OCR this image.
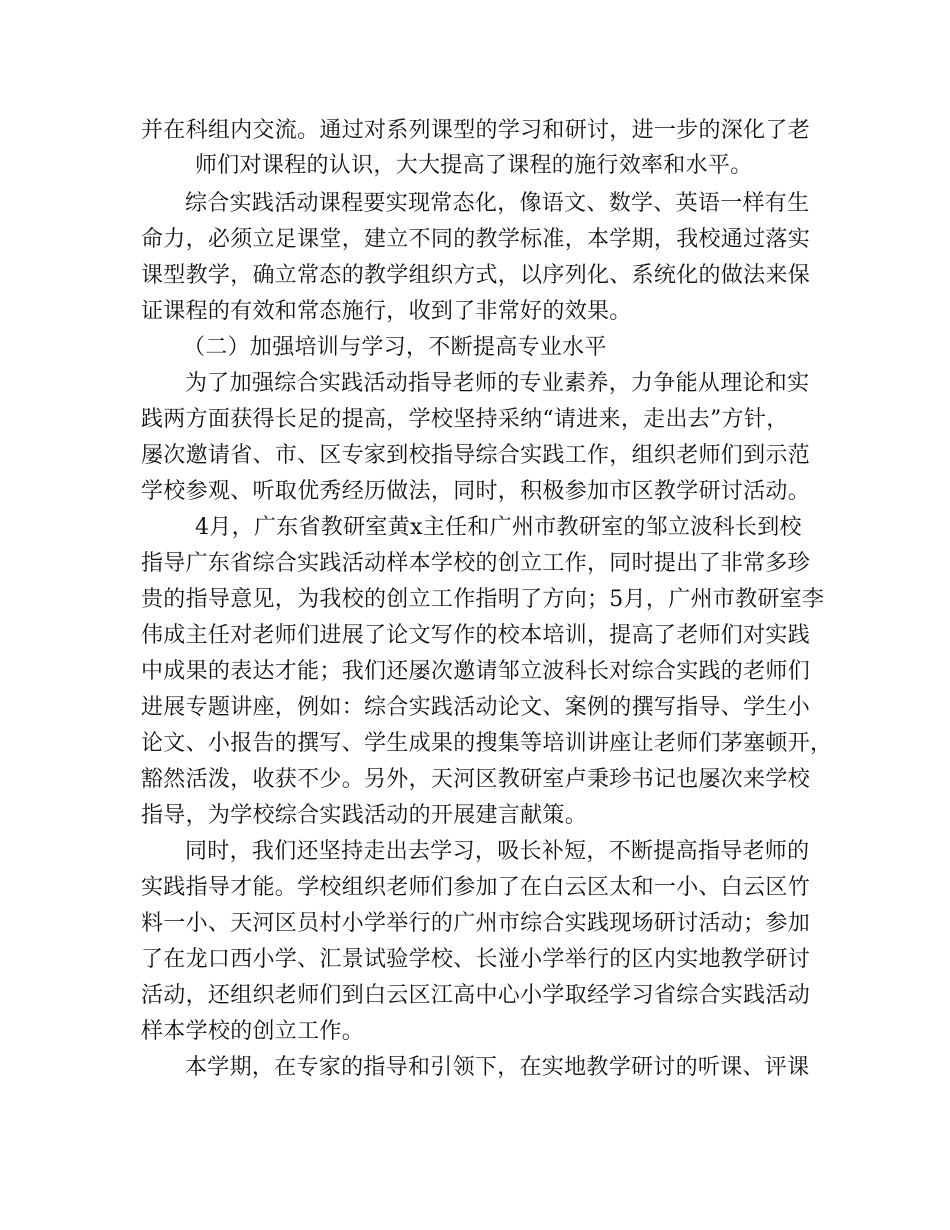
并在科组内交流。通过对系列课型的学习和研讨，进一步的深化了老
师们对课程的认识，大大提高了课程的施行效率和水平。
综合实践活动课程要实现常态化，像语文、数学、英语一样有生
命力，必须立足课堂，建立不同的教学标准，本学期，我校通过落实
课型教学，确立常态的教学组织方式，以序列化、系统化的做法来保
证课程的有效和常态施行，收到了非常好的效果。
（二）加强培训与学习，不断提高专业水平
为了加强综合实践活动指导老师的专业素养，力争能从理论和实
践两方面获得长足的提高，学校坚持采纳“请进来，走出去”方针，
屡次邀请省、市、区专家到校指导综合实践工作，组织老师们到示范
学校参观、听取优秀经历做法，同时，积极参加市区教学研讨活动。
4月，广东省教研室黄x主任和广州市教研室的邹立波科长到校
指导广东省综合实践活动样本学校的创立工作，同时提出了非常多珍
贵的指导意见，为我校的创立工作指明了方向；5月，广州市教研室李
伟成主任对老师们进展了论文写作的校本培训，提高了老师们对实践
中成果的表达才能；我们还屡次邀请邹立波科长对综合实践的老师们
进展专题讲座，例如：综合实践活动论文、案例的撰写指导、学生小
论文、小报告的撰写、学生成果的搜集等培训讲座让老师们茅塞顿开，
豁然活泼，收获不少。另外，天河区教研室卢秉珍书记也屡次来学校
指导，为学校综合实践活动的开展建言献策。
同时，我们还坚持走出去学习，吸长补短，不断提高指导老师的
实践指导才能。学校组织老师们参加了在白云区太和一小、白云区竹
料一小、天河区员村小学举行的广州市综合实践现场研讨活动；参加
了在龙口西小学、汇景试验学校、长湴小学举行的区内实地教学研讨
活动，还组织老师们到白云区江高中心小学取经学习省综合实践活动
样本学校的创立工作。
本学期，在专家的指导和引领下，在实地教学研讨的听课、评课
